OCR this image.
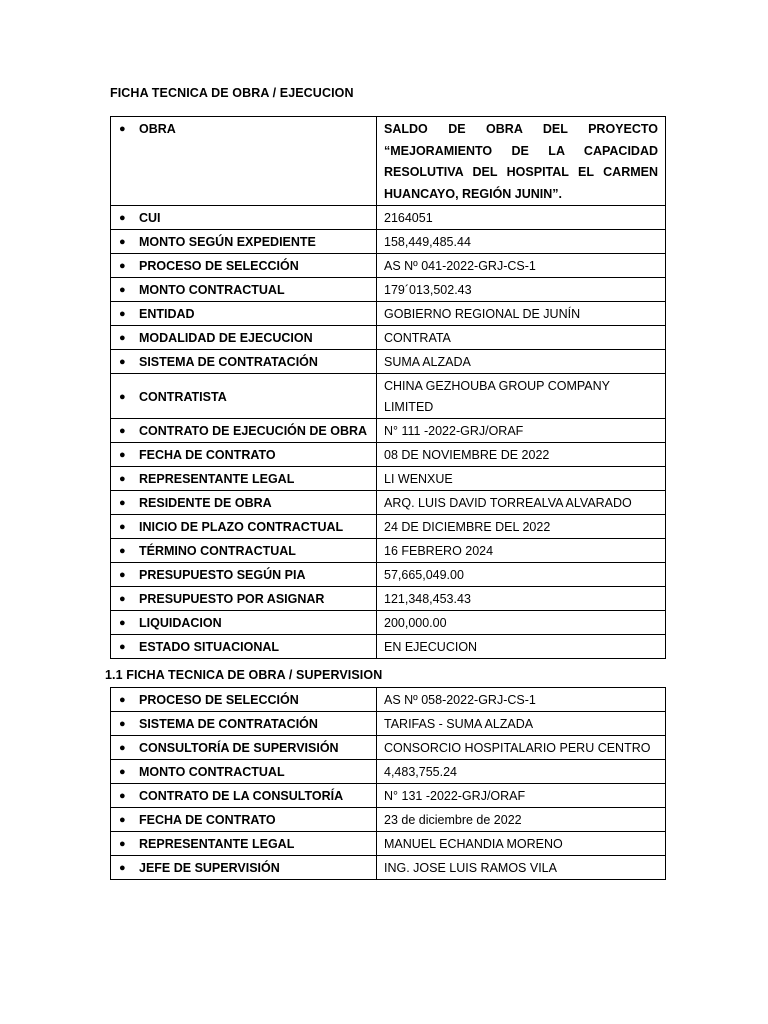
FICHA TECNICA DE OBRA / EJECUCION
● OBRA	SALDO DE OBRA DEL PROYECTO “MEJORAMIENTO DE LA CAPACIDAD RESOLUTIVA DEL HOSPITAL EL CARMEN HUANCAYO, REGIÓN JUNIN”.

● CUI	2164051

● MONTO SEGÚN EXPEDIENTE	158,449,485.44

● PROCESO DE SELECCIÓN	AS Nº 041-2022-GRJ-CS-1

● MONTO CONTRACTUAL	179´013,502.43

● ENTIDAD	GOBIERNO REGIONAL DE JUNÍN

● MODALIDAD DE EJECUCION	CONTRATA

● SISTEMA DE CONTRATACIÓN	SUMA ALZADA

● CONTRATISTA	CHINA GEZHOUBA GROUP COMPANY LIMITED

● CONTRATO DE EJECUCIÓN DE OBRA	N° 111 -2022-GRJ/ORAF

● FECHA DE CONTRATO	08 DE NOVIEMBRE DE 2022

● REPRESENTANTE LEGAL	LI WENXUE

● RESIDENTE DE OBRA	ARQ. LUIS DAVID TORREALVA ALVARADO

● INICIO DE PLAZO CONTRACTUAL	24 DE DICIEMBRE DEL 2022

● TÉRMINO CONTRACTUAL	16 FEBRERO 2024

● PRESUPUESTO SEGÚN PIA	57,665,049.00

● PRESUPUESTO POR ASIGNAR	121,348,453.43

● LIQUIDACION	200,000.00

● ESTADO SITUACIONAL	EN EJECUCION
1.1 FICHA TECNICA DE OBRA / SUPERVISION
● PROCESO DE SELECCIÓN	AS Nº 058-2022-GRJ-CS-1

● SISTEMA DE CONTRATACIÓN	TARIFAS - SUMA ALZADA

● CONSULTORÍA DE SUPERVISIÓN	CONSORCIO HOSPITALARIO PERU CENTRO

● MONTO CONTRACTUAL	4,483,755.24

● CONTRATO DE LA CONSULTORÍA	N° 131 -2022-GRJ/ORAF

● FECHA DE CONTRATO	23 de diciembre de 2022

● REPRESENTANTE LEGAL	MANUEL ECHANDIA MORENO

● JEFE DE SUPERVISIÓN	ING. JOSE LUIS RAMOS VILA
